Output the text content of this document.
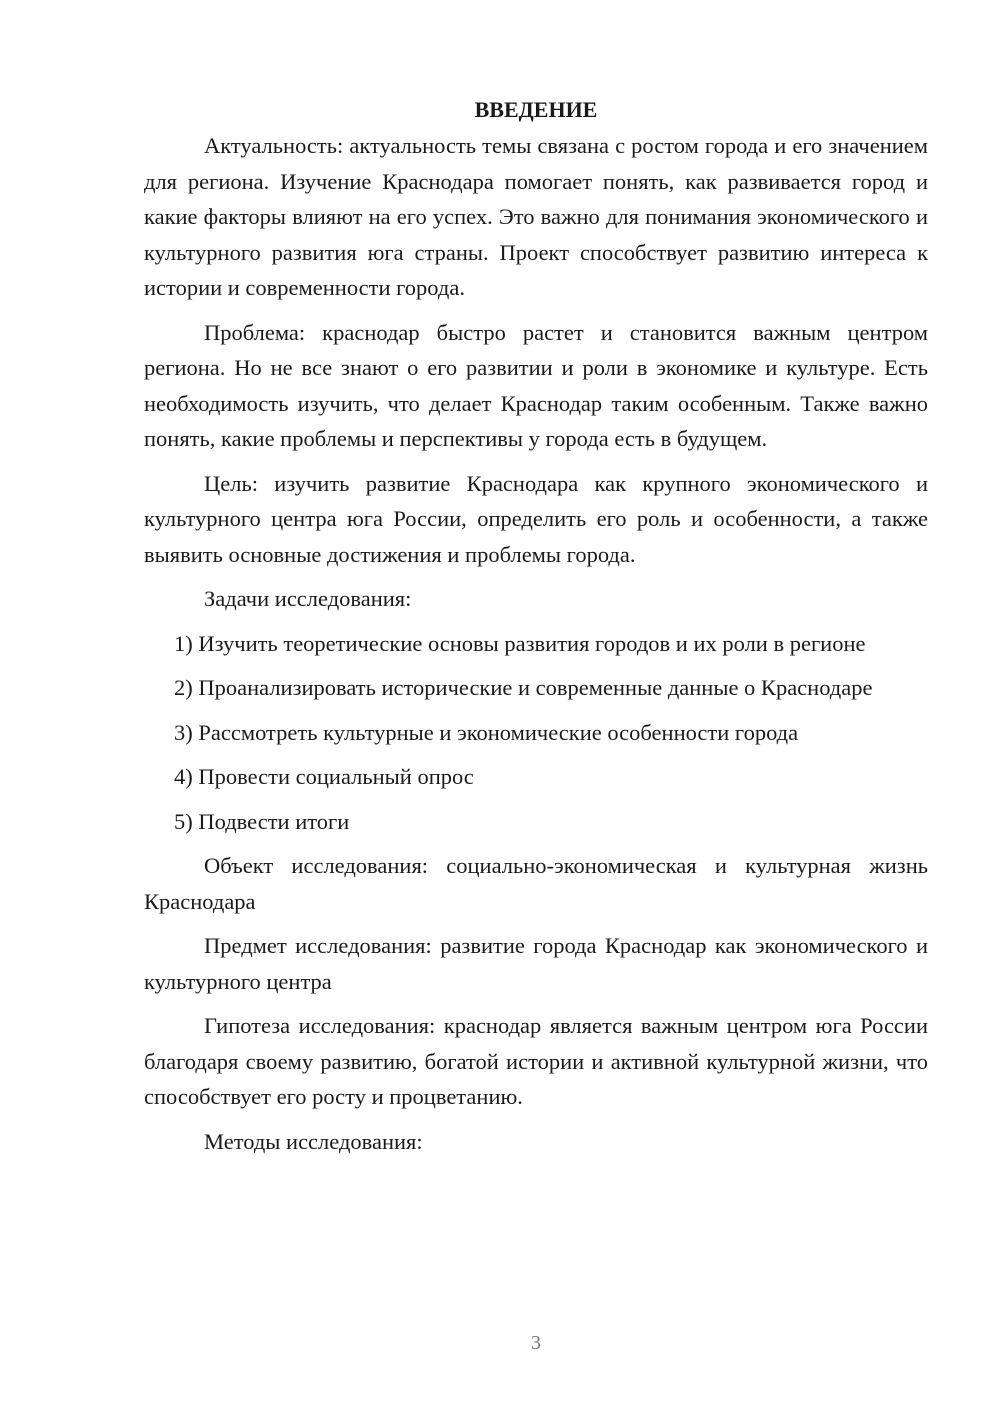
ВВЕДЕНИЕ

Актуальность: актуальность темы связана с ростом города и его значением для региона. Изучение Краснодара помогает понять, как развивается город и какие факторы влияют на его успех. Это важно для понимания экономического и культурного развития юга страны. Проект способствует развитию интереса к истории и современности города.

Проблема: краснодар быстро растет и становится важным центром региона. Но не все знают о его развитии и роли в экономике и культуре. Есть необходимость изучить, что делает Краснодар таким особенным. Также важно понять, какие проблемы и перспективы у города есть в будущем.

Цель: изучить развитие Краснодара как крупного экономического и культурного центра юга России, определить его роль и особенности, а также выявить основные достижения и проблемы города.

Задачи исследования:

1) Изучить теоретические основы развития городов и их роли в регионе

2) Проанализировать исторические и современные данные о Краснодаре

3) Рассмотреть культурные и экономические особенности города

4) Провести социальный опрос

5) Подвести итоги

Объект исследования: социально-экономическая и культурная жизнь Краснодара

Предмет исследования: развитие города Краснодар как экономического и культурного центра

Гипотеза исследования: краснодар является важным центром юга России благодаря своему развитию, богатой истории и активной культурной жизни, что способствует его росту и процветанию.

Методы исследования:

3
